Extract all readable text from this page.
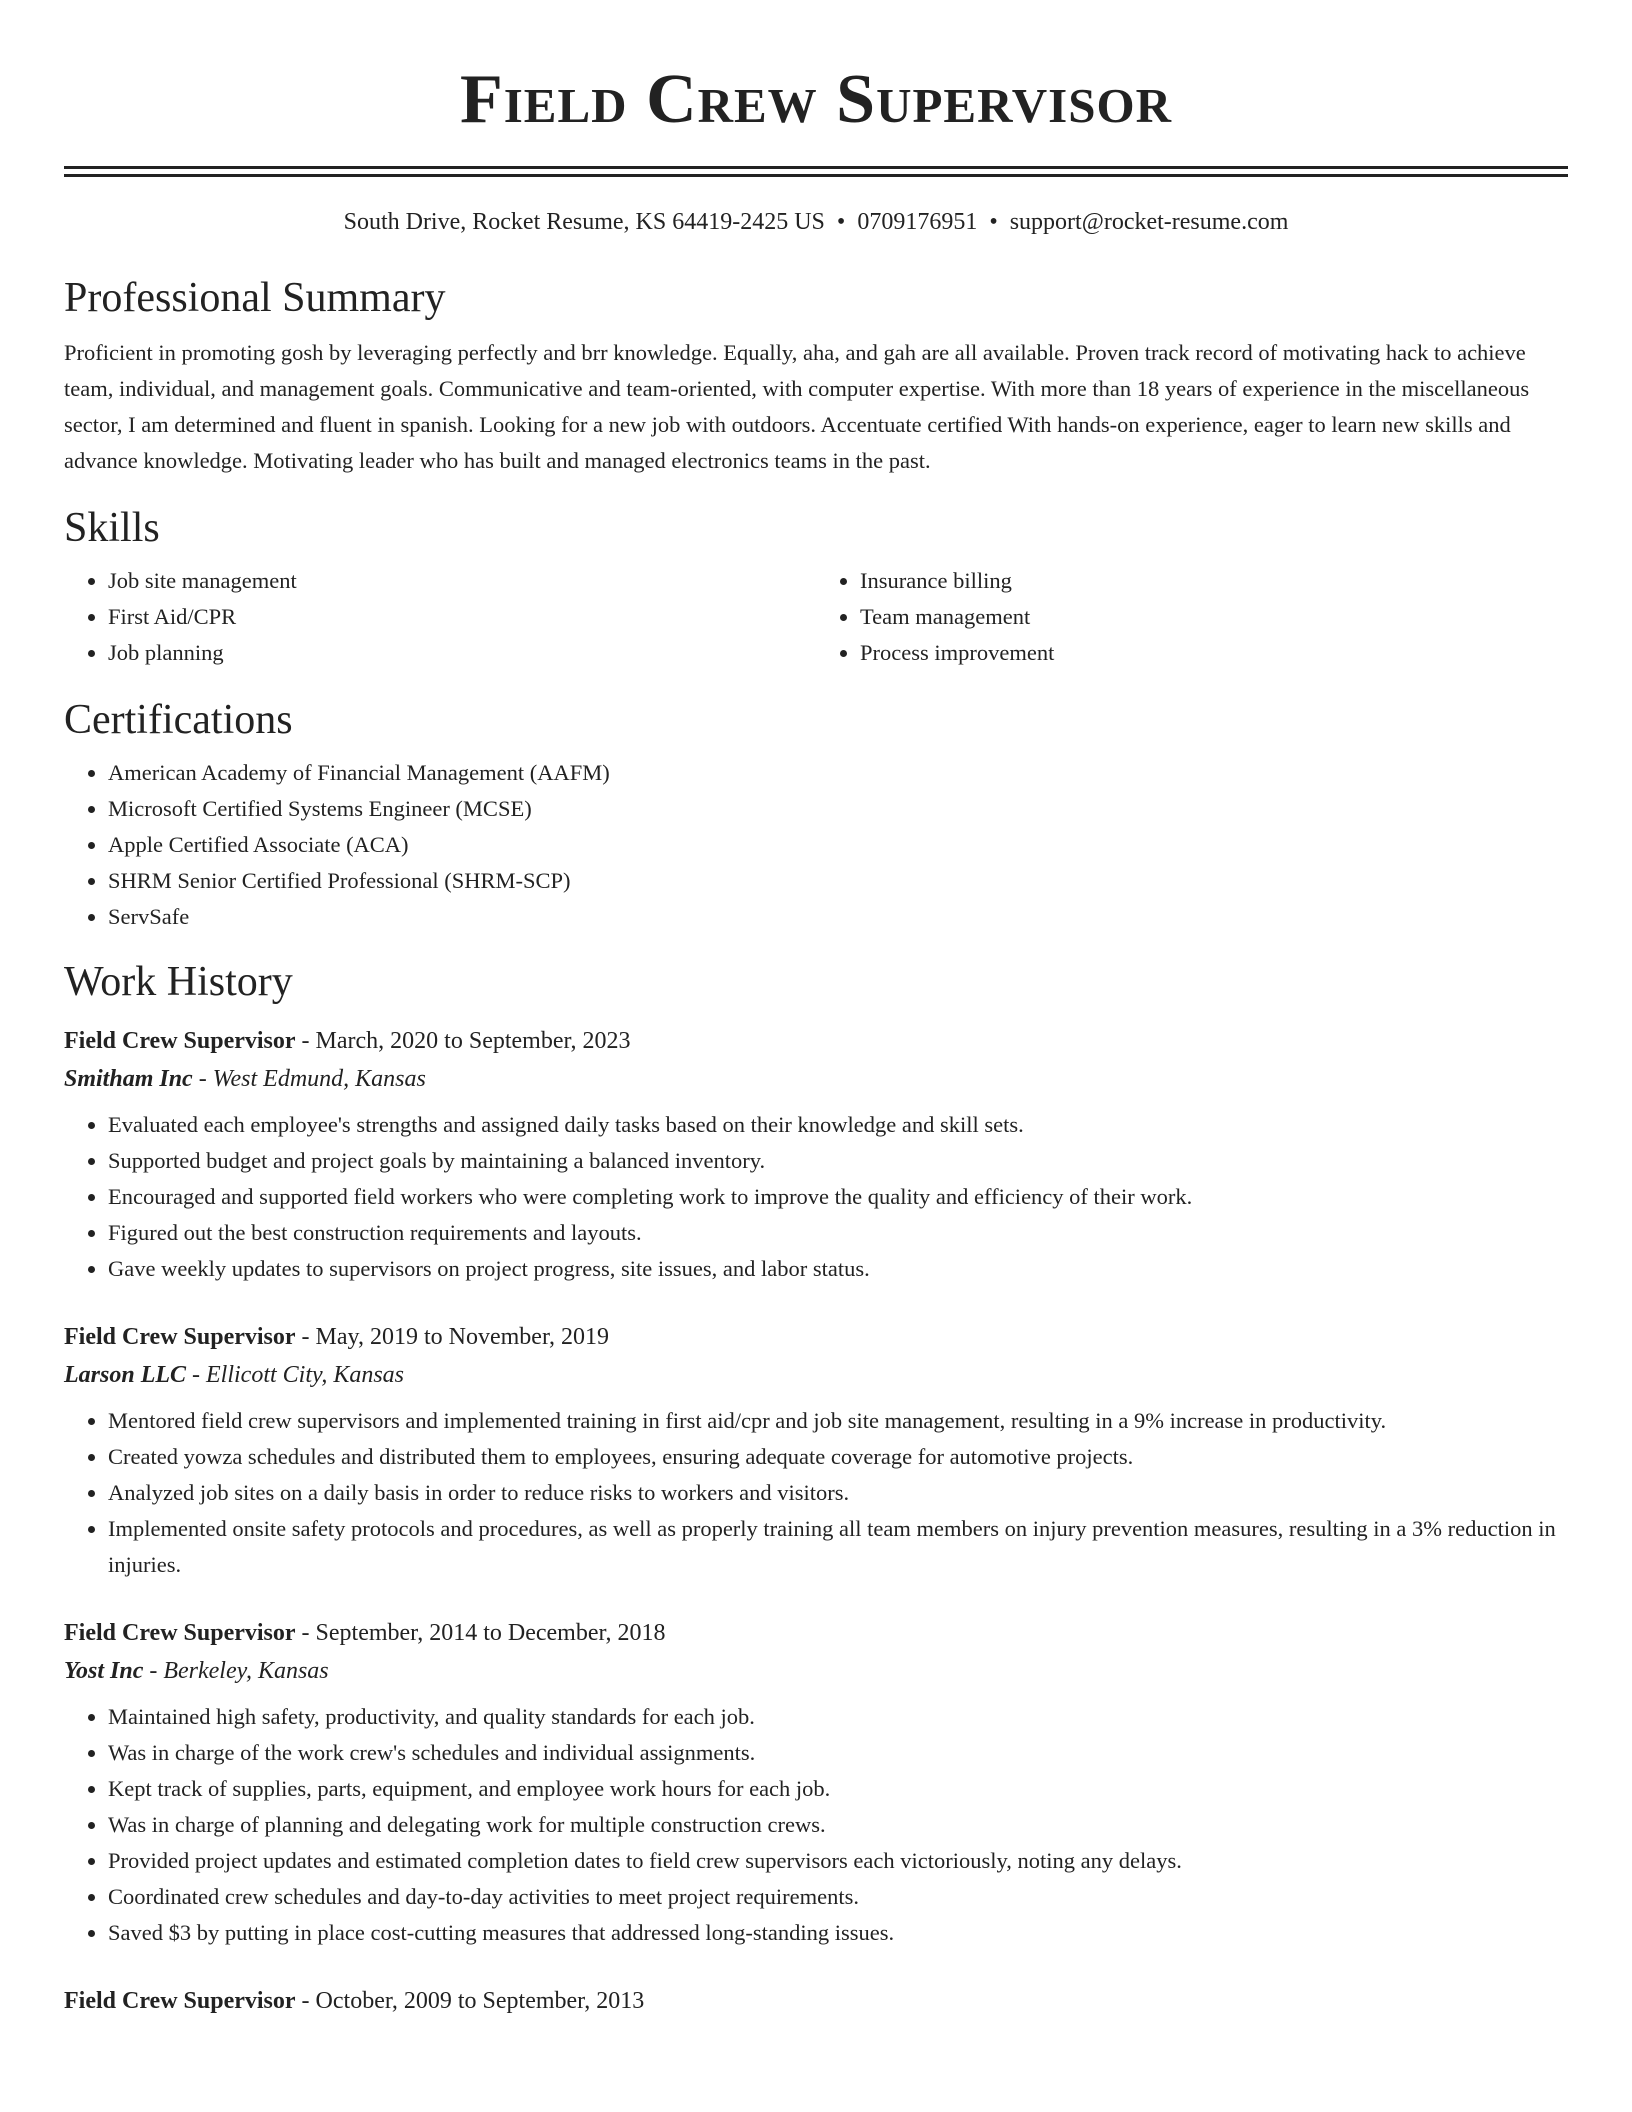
Field Crew Supervisor
South Drive, Rocket Resume, KS 64419-2425 US • 0709176951 • support@rocket-resume.com
Professional Summary

Proficient in promoting gosh by leveraging perfectly and brr knowledge. Equally, aha, and gah are all available. Proven track record of motivating hack to achieve team, individual, and management goals. Communicative and team-oriented, with computer expertise. With more than 18 years of experience in the miscellaneous sector, I am determined and fluent in spanish. Looking for a new job with outdoors. Accentuate certified With hands-on experience, eager to learn new skills and advance knowledge. Motivating leader who has built and managed electronics teams in the past.

Skills
• Job site management
• First Aid/CPR
• Job planning
• Insurance billing
• Team management
• Process improvement
Certifications
• American Academy of Financial Management (AAFM)
• Microsoft Certified Systems Engineer (MCSE)
• Apple Certified Associate (ACA)
• SHRM Senior Certified Professional (SHRM-SCP)
• ServSafe
Work History
Field Crew Supervisor - March, 2020 to September, 2023
Smitham Inc - West Edmund, Kansas
• Evaluated each employee's strengths and assigned daily tasks based on their knowledge and skill sets.
• Supported budget and project goals by maintaining a balanced inventory.
• Encouraged and supported field workers who were completing work to improve the quality and efficiency of their work.
• Figured out the best construction requirements and layouts.
• Gave weekly updates to supervisors on project progress, site issues, and labor status.
Field Crew Supervisor - May, 2019 to November, 2019
Larson LLC - Ellicott City, Kansas
• Mentored field crew supervisors and implemented training in first aid/cpr and job site management, resulting in a 9% increase in productivity.
• Created yowza schedules and distributed them to employees, ensuring adequate coverage for automotive projects.
• Analyzed job sites on a daily basis in order to reduce risks to workers and visitors.
• Implemented onsite safety protocols and procedures, as well as properly training all team members on injury prevention measures, resulting in a 3% reduction in injuries.
Field Crew Supervisor - September, 2014 to December, 2018
Yost Inc - Berkeley, Kansas
• Maintained high safety, productivity, and quality standards for each job.
• Was in charge of the work crew's schedules and individual assignments.
• Kept track of supplies, parts, equipment, and employee work hours for each job.
• Was in charge of planning and delegating work for multiple construction crews.
• Provided project updates and estimated completion dates to field crew supervisors each victoriously, noting any delays.
• Coordinated crew schedules and day-to-day activities to meet project requirements.
• Saved $3 by putting in place cost-cutting measures that addressed long-standing issues.
Field Crew Supervisor - October, 2009 to September, 2013
